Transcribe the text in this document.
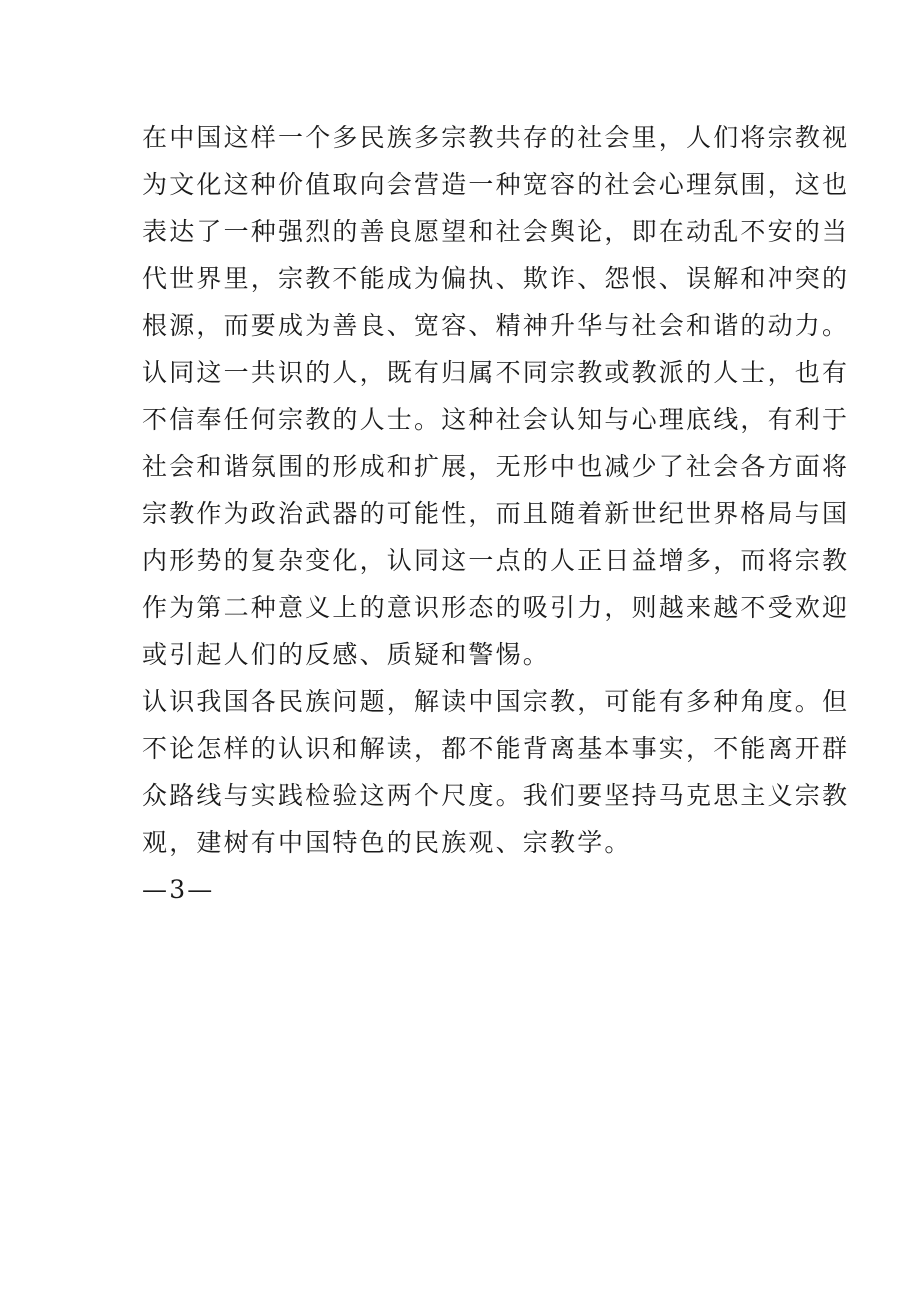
在中国这样一个多民族多宗教共存的社会里，人们将宗教视
为文化这种价值取向会营造一种宽容的社会心理氛围，这也
表达了一种强烈的善良愿望和社会舆论，即在动乱不安的当
代世界里，宗教不能成为偏执、欺诈、怨恨、误解和冲突的
根源，而要成为善良、宽容、精神升华与社会和谐的动力。
认同这一共识的人，既有归属不同宗教或教派的人士，也有
不信奉任何宗教的人士。这种社会认知与心理底线，有利于
社会和谐氛围的形成和扩展，无形中也减少了社会各方面将
宗教作为政治武器的可能性，而且随着新世纪世界格局与国
内形势的复杂变化，认同这一点的人正日益增多，而将宗教
作为第二种意义上的意识形态的吸引力，则越来越不受欢迎
或引起人们的反感、质疑和警惕。
认识我国各民族问题，解读中国宗教，可能有多种角度。但
不论怎样的认识和解读，都不能背离基本事实，不能离开群
众路线与实践检验这两个尺度。我们要坚持马克思主义宗教
观，建树有中国特色的民族观、宗教学。
—3—
